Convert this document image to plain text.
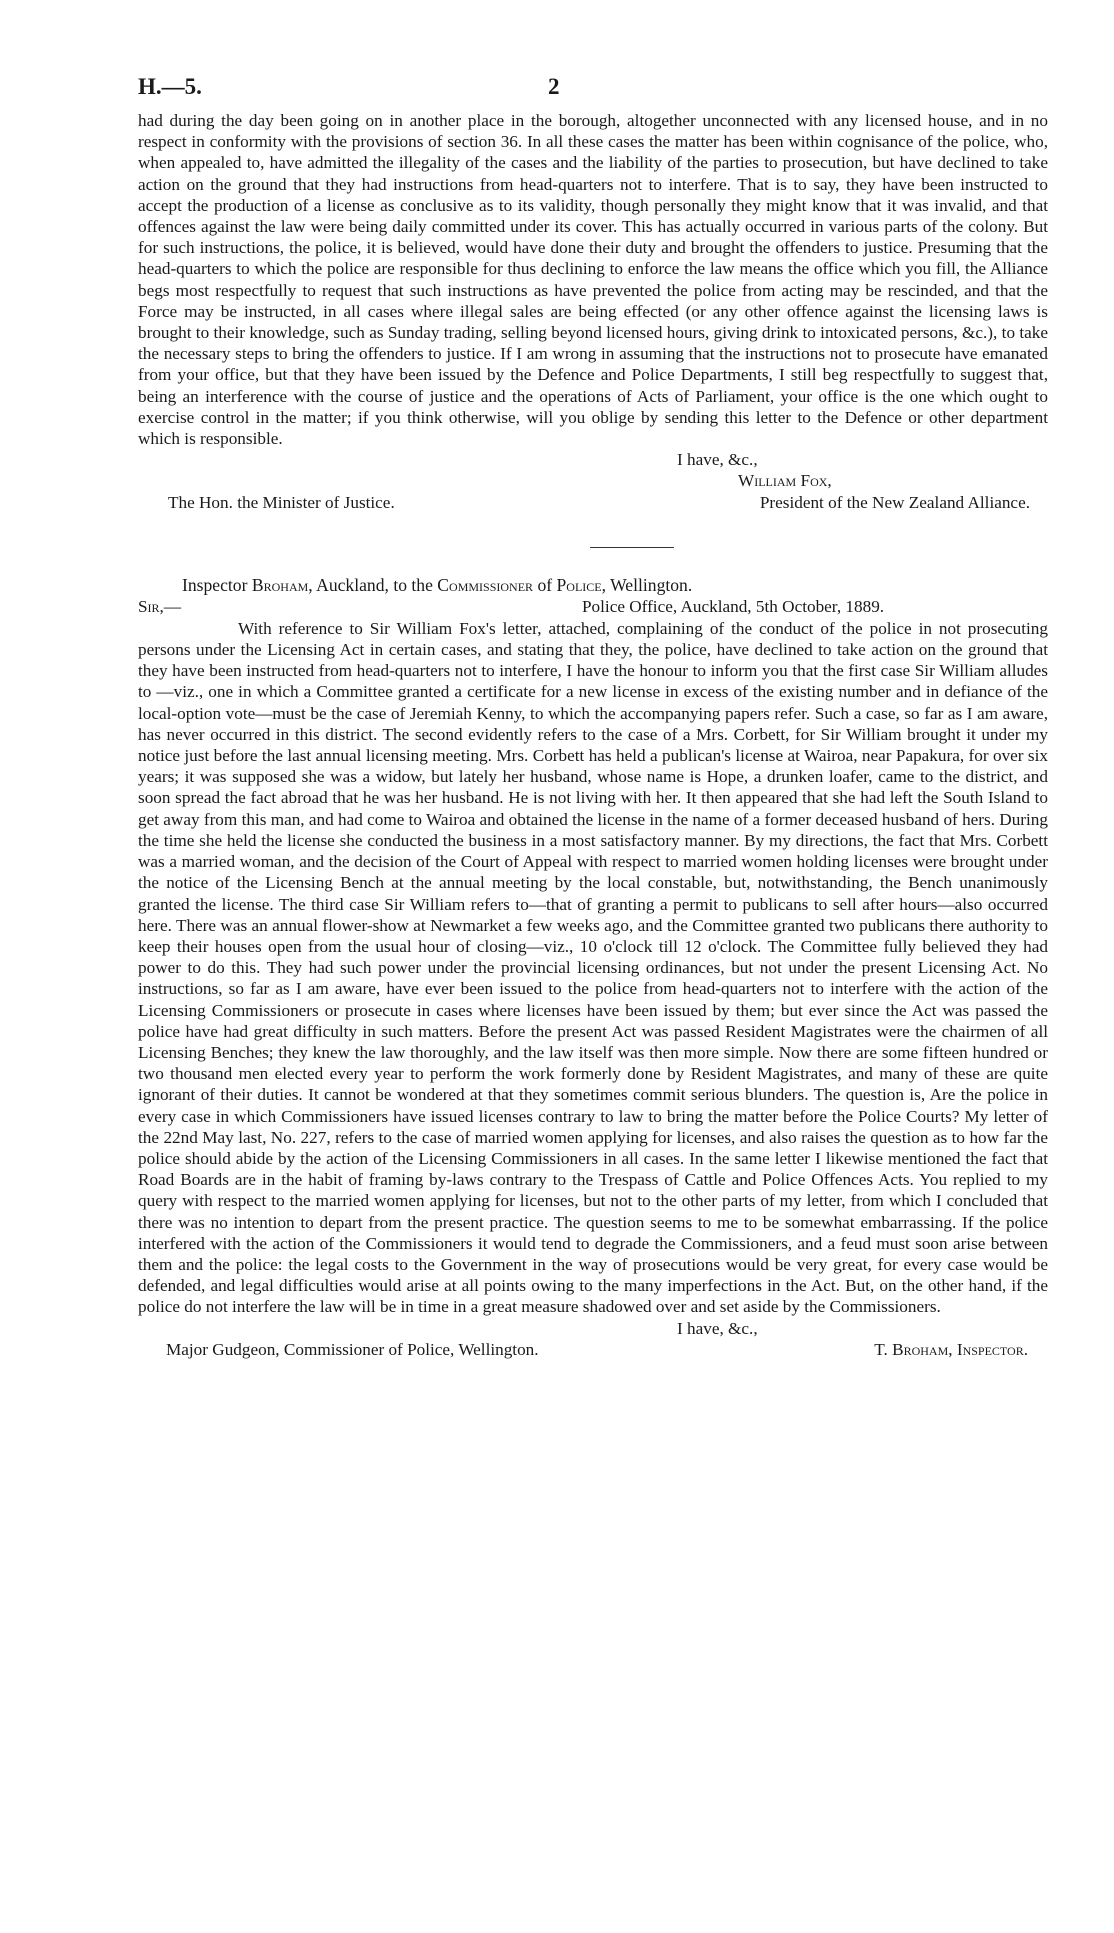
H.—5.	2

had during the day been going on in another place in the borough, altogether unconnected with any licensed house, and in no respect in conformity with the provisions of section 36. In all these cases the matter has been within cognisance of the police, who, when appealed to, have admitted the illegality of the cases and the liability of the parties to prosecution, but have declined to take action on the ground that they had instructions from head-quarters not to interfere. That is to say, they have been instructed to accept the production of a license as conclusive as to its validity, though personally they might know that it was invalid, and that offences against the law were being daily committed under its cover. This has actually occurred in various parts of the colony. But for such instructions, the police, it is believed, would have done their duty and brought the offenders to justice. Presuming that the head-quarters to which the police are responsible for thus declining to enforce the law means the office which you fill, the Alliance begs most respectfully to request that such instructions as have prevented the police from acting may be rescinded, and that the Force may be instructed, in all cases where illegal sales are being effected (or any other offence against the licensing laws is brought to their knowledge, such as Sunday trading, selling beyond licensed hours, giving drink to intoxicated persons, &c.), to take the necessary steps to bring the offenders to justice. If I am wrong in assuming that the instructions not to prosecute have emanated from your office, but that they have been issued by the Defence and Police Departments, I still beg respectfully to suggest that, being an interference with the course of justice and the operations of Acts of Parliament, your office is the one which ought to exercise control in the matter; if you think otherwise, will you oblige by sending this letter to the Defence or other department which is responsible.

I have, &c.,
William Fox,
The Hon. the Minister of Justice.	President of the New Zealand Alliance.
Inspector Broham, Auckland, to the Commissioner of Police, Wellington.
Sir,—	Police Office, Auckland, 5th October, 1889.

With reference to Sir William Fox's letter, attached, complaining of the conduct of the police in not prosecuting persons under the Licensing Act in certain cases, and stating that they, the police, have declined to take action on the ground that they have been instructed from head-quarters not to interfere, I have the honour to inform you that the first case Sir William alludes to —viz., one in which a Committee granted a certificate for a new license in excess of the existing number and in defiance of the local-option vote—must be the case of Jeremiah Kenny, to which the accompanying papers refer. Such a case, so far as I am aware, has never occurred in this district. The second evidently refers to the case of a Mrs. Corbett, for Sir William brought it under my notice just before the last annual licensing meeting. Mrs. Corbett has held a publican's license at Wairoa, near Papakura, for over six years; it was supposed she was a widow, but lately her husband, whose name is Hope, a drunken loafer, came to the district, and soon spread the fact abroad that he was her husband. He is not living with her. It then appeared that she had left the South Island to get away from this man, and had come to Wairoa and obtained the license in the name of a former deceased husband of hers. During the time she held the license she conducted the business in a most satisfactory manner. By my directions, the fact that Mrs. Corbett was a married woman, and the decision of the Court of Appeal with respect to married women holding licenses were brought under the notice of the Licensing Bench at the annual meeting by the local constable, but, notwithstanding, the Bench unanimously granted the license. The third case Sir William refers to—that of granting a permit to publicans to sell after hours—also occurred here. There was an annual flower-show at Newmarket a few weeks ago, and the Committee granted two publicans there authority to keep their houses open from the usual hour of closing—viz., 10 o'clock till 12 o'clock. The Committee fully believed they had power to do this. They had such power under the provincial licensing ordinances, but not under the present Licensing Act. No instructions, so far as I am aware, have ever been issued to the police from head-quarters not to interfere with the action of the Licensing Commissioners or prosecute in cases where licenses have been issued by them; but ever since the Act was passed the police have had great difficulty in such matters. Before the present Act was passed Resident Magistrates were the chairmen of all Licensing Benches; they knew the law thoroughly, and the law itself was then more simple. Now there are some fifteen hundred or two thousand men elected every year to perform the work formerly done by Resident Magistrates, and many of these are quite ignorant of their duties. It cannot be wondered at that they sometimes commit serious blunders. The question is, Are the police in every case in which Commissioners have issued licenses contrary to law to bring the matter before the Police Courts? My letter of the 22nd May last, No. 227, refers to the case of married women applying for licenses, and also raises the question as to how far the police should abide by the action of the Licensing Commissioners in all cases. In the same letter I likewise mentioned the fact that Road Boards are in the habit of framing by-laws contrary to the Trespass of Cattle and Police Offences Acts. You replied to my query with respect to the married women applying for licenses, but not to the other parts of my letter, from which I concluded that there was no intention to depart from the present practice. The question seems to me to be somewhat embarrassing. If the police interfered with the action of the Commissioners it would tend to degrade the Commissioners, and a feud must soon arise between them and the police: the legal costs to the Government in the way of prosecutions would be very great, for every case would be defended, and legal difficulties would arise at all points owing to the many imperfections in the Act. But, on the other hand, if the police do not interfere the law will be in time in a great measure shadowed over and set aside by the Commissioners.

I have, &c.,
Major Gudgeon, Commissioner of Police, Wellington.	T. Broham, Inspector.
